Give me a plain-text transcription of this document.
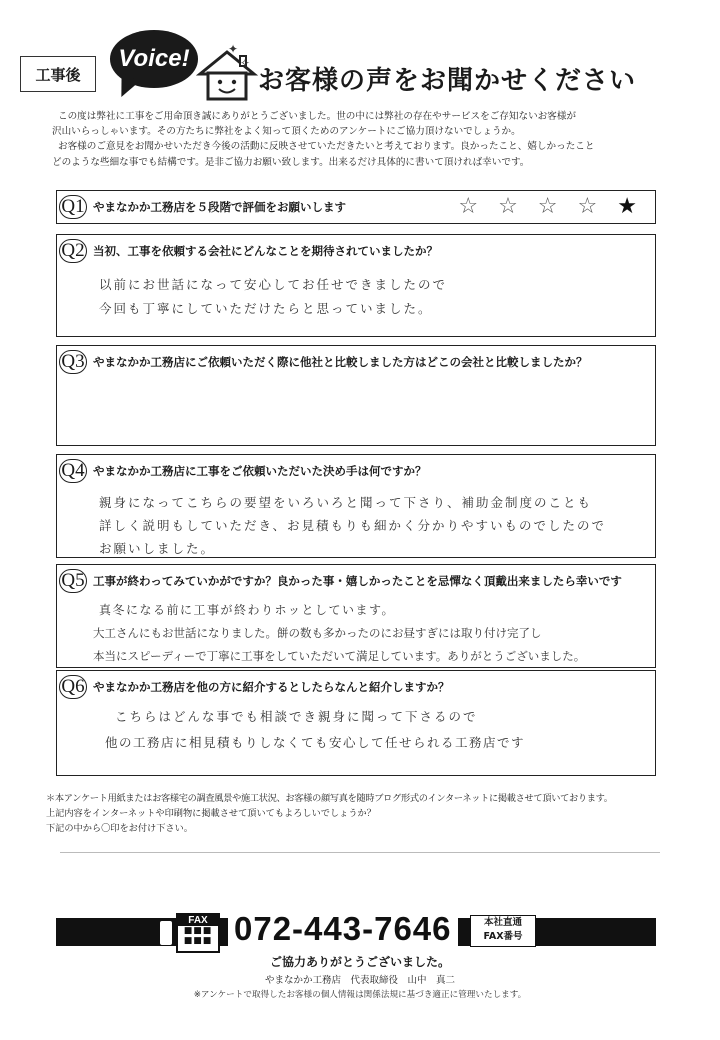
工事後
Voice!	✦
✧
お客様の声をお聞かせください

この度は弊社に工事をご用命頂き誠にありがとうございました。世の中には弊社の存在やサービスをご存知ないお客様が

沢山いらっしゃいます。その方たちに弊社をよく知って頂くためのアンケートにご協力頂けないでしょうか。

お客様のご意見をお聞かせいただき今後の活動に反映させていただきたいと考えております。良かったこと、嬉しかったこと

どのような些細な事でも結構です。是非ご協力お願い致します。出来るだけ具体的に書いて頂ければ幸いです。

Q1 やまなかか工務店を５段階で評価をお願いします	☆ ☆ ☆ ☆ ★
Q2 当初、工事を依頼する会社にどんなことを期待されていましたか？
以前にお世話になって安心してお任せできましたので
今回も丁寧にしていただけたらと思っていました。
Q3 やまなかか工務店にご依頼いただく際に他社と比較しました方はどこの会社と比較しましたか？
Q4 やまなかか工務店に工事をご依頼いただいた決め手は何ですか？
親身になってこちらの要望をいろいろと聞って下さり、補助金制度のことも
詳しく説明もしていただき、お見積もりも細かく分かりやすいものでしたので
お願いしました。
Q5 工事が終わってみていかがですか？良かった事・嬉しかったことを忌憚なく頂戴出来ましたら幸いです
真冬になる前に工事が終わりホッとしています。
大工さんにもお世話になりました。餅の数も多かったのにお昼すぎには取り付け完了し
本当にスピーディーで丁寧に工事をしていただいて満足しています。ありがとうございました。
Q6 やまなかか工務店を他の方に紹介するとしたらなんと紹介しますか？
こちらはどんな事でも相談でき親身に聞って下さるので
他の工務店に相見積もりしなくても安心して任せられる工務店です

＊本アンケート用紙またはお客様宅の調査風景や施工状況、お客様の顔写真を随時ブログ形式のインターネットに掲載させて頂いております。

上記内容をインターネットや印刷物に掲載させて頂いてもよろしいでしょうか？

下記の中から〇印をお付け下さい。

FAX
■■■
■■■ 072-443-7646	本社直通
FAX番号
ご協力ありがとうございました。
やまなかか工務店　代表取締役　山中　真二
※アンケートで取得したお客様の個人情報は関係法規に基づき適正に管理いたします。
